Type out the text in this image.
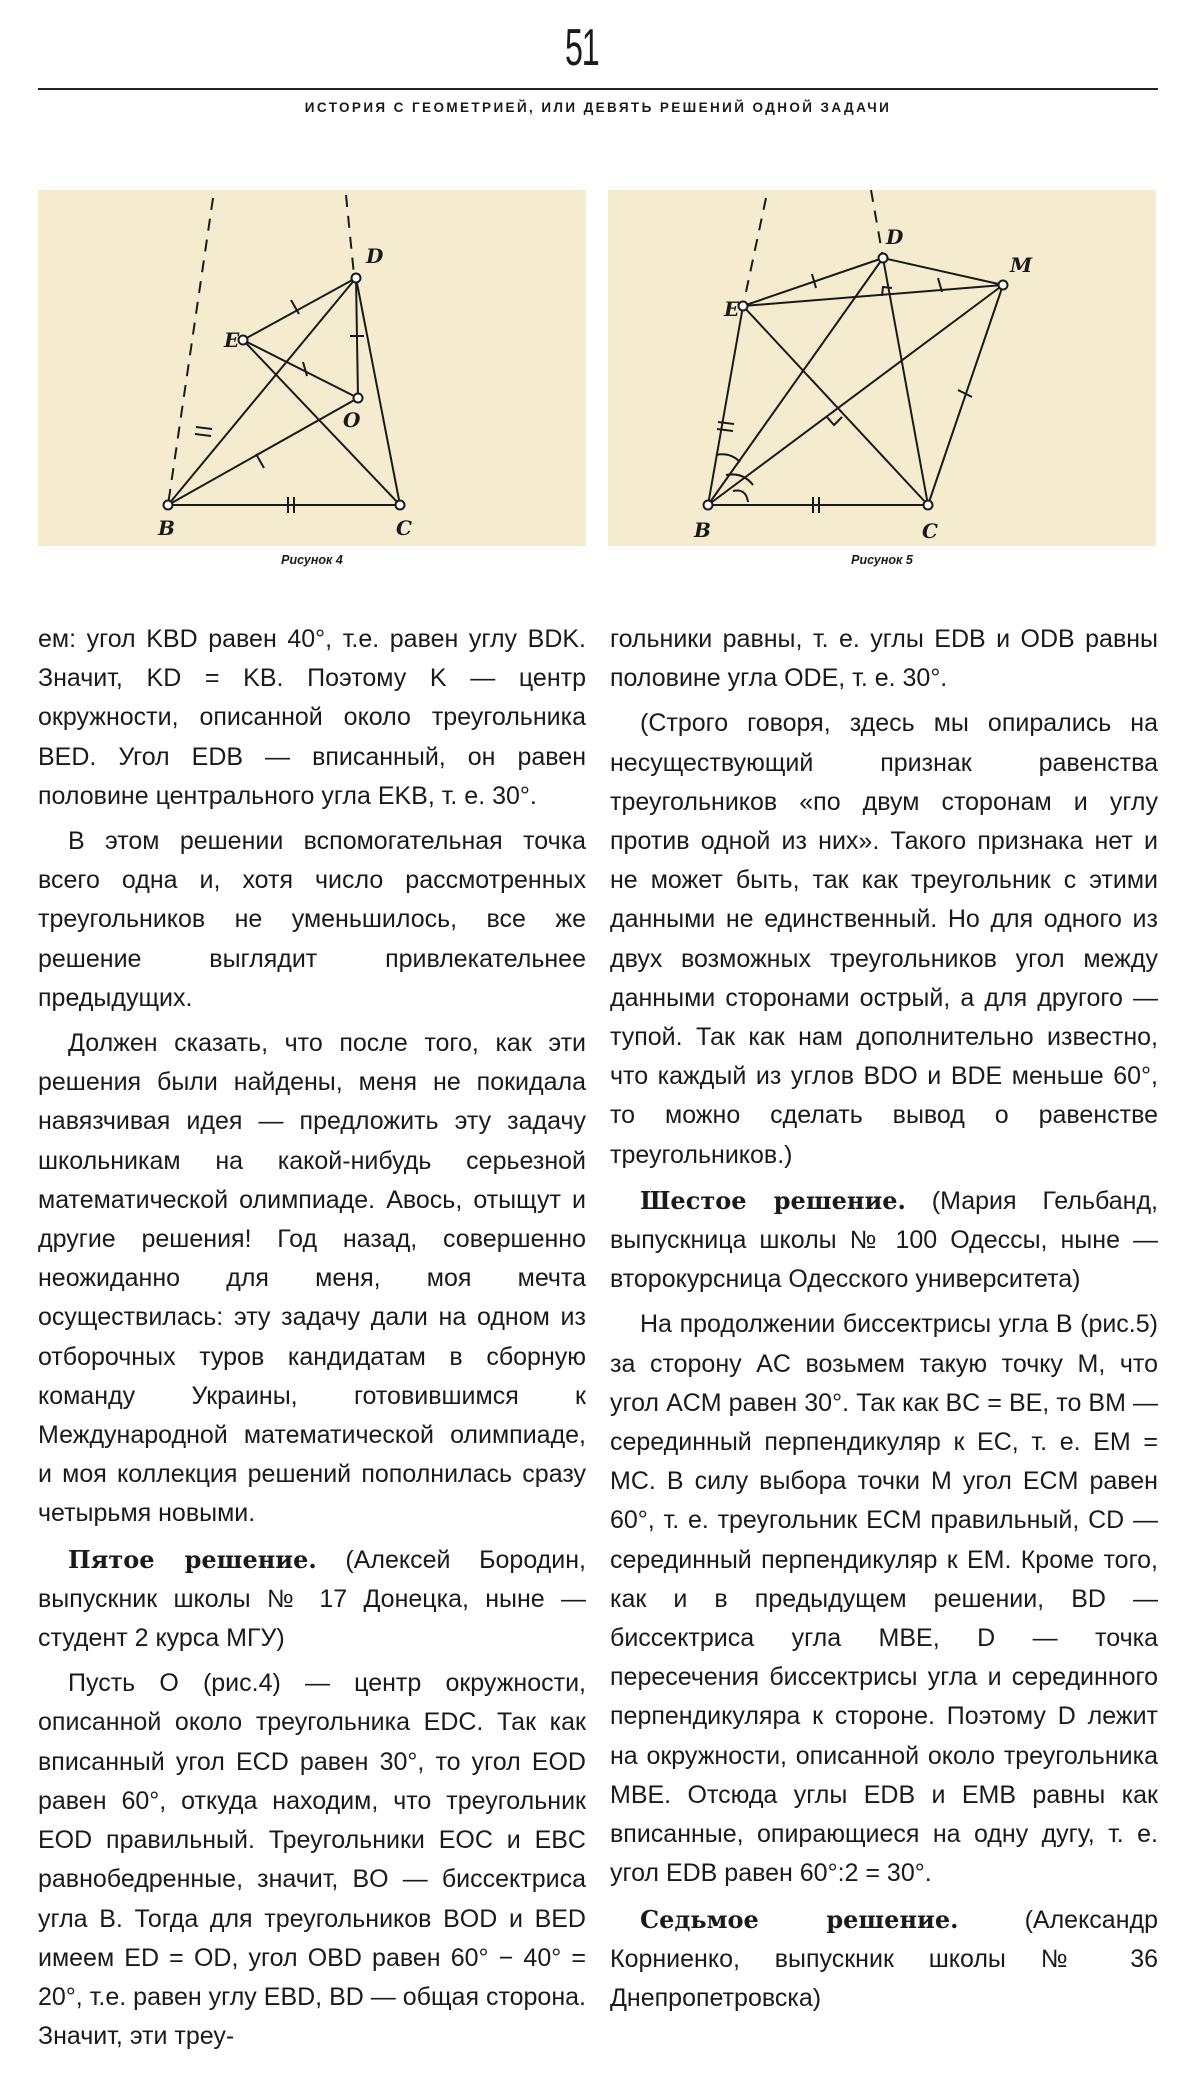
51
ИСТОРИЯ С ГЕОМЕТРИЕЙ, ИЛИ ДЕВЯТЬ РЕШЕНИЙ ОДНОЙ ЗАДАЧИ
B	C
D
E
O
Рисунок 4
B	C
D
E
M
Рисунок 5

ем: угол KBD равен 40°, т.е. равен углу BDK. Значит, KD = KB. Поэтому K — центр окружности, описанной около треугольника BED. Угол EDB — вписанный, он равен половине центрального угла EKB, т. е. 30°.

В этом решении вспомогательная точка всего одна и, хотя число рассмотренных треугольников не уменьшилось, все же решение выглядит привлекательнее предыдущих.

Должен сказать, что после того, как эти решения были найдены, меня не покидала навязчивая идея — предложить эту задачу школьникам на какой-нибудь серьезной математической олимпиаде. Авось, отыщут и другие решения! Год назад, совершенно неожиданно для меня, моя мечта осуществилась: эту задачу дали на одном из отборочных туров кандидатам в сборную команду Украины, готовившимся к Международной математической олимпиаде, и моя коллекция решений пополнилась сразу четырьмя новыми.

Пятое решение. (Алексей Бородин, выпускник школы № 17 Донецка, ныне — студент 2 курса МГУ)

Пусть O (рис.4) — центр окружности, описанной около треугольника EDC. Так как вписанный угол ECD равен 30°, то угол EOD равен 60°, откуда находим, что треугольник EOD правильный. Треугольники EOC и EBC равнобедренные, значит, BO — биссектриса угла B. Тогда для треугольников BOD и BED имеем ED = OD, угол OBD равен 60° − 40° = 20°, т.е. равен углу EBD, BD — общая сторона. Значит, эти треу-

гольники равны, т. е. углы EDB и ODB равны половине угла ODE, т. е. 30°.

(Строго говоря, здесь мы опирались на несуществующий признак равенства треугольников «по двум сторонам и углу против одной из них». Такого признака нет и не может быть, так как треугольник с этими данными не единственный. Но для одного из двух возможных треугольников угол между данными сторонами острый, а для другого — тупой. Так как нам дополнительно известно, что каждый из углов BDO и BDE меньше 60°, то можно сделать вывод о равенстве треугольников.)

Шестое решение. (Мария Гельбанд, выпускница школы № 100 Одессы, ныне — второкурсница Одесского университета)

На продолжении биссектрисы угла B (рис.5) за сторону AC возьмем такую точку M, что угол ACM равен 30°. Так как BC = BE, то BM — серединный перпендикуляр к EC, т. е. EM = MC. В силу выбора точки M угол ECM равен 60°, т. е. треугольник ECM правильный, CD — серединный перпендикуляр к EM. Кроме того, как и в предыдущем решении, BD — биссектриса угла MBE, D — точка пересечения биссектрисы угла и серединного перпендикуляра к стороне. Поэтому D лежит на окружности, описанной около треугольника MBE. Отсюда углы EDB и EMB равны как вписанные, опирающиеся на одну дугу, т. е. угол EDB равен 60°:2 = 30°.

Седьмое решение. (Александр Корниенко, выпускник школы № 36 Днепропетровска)
